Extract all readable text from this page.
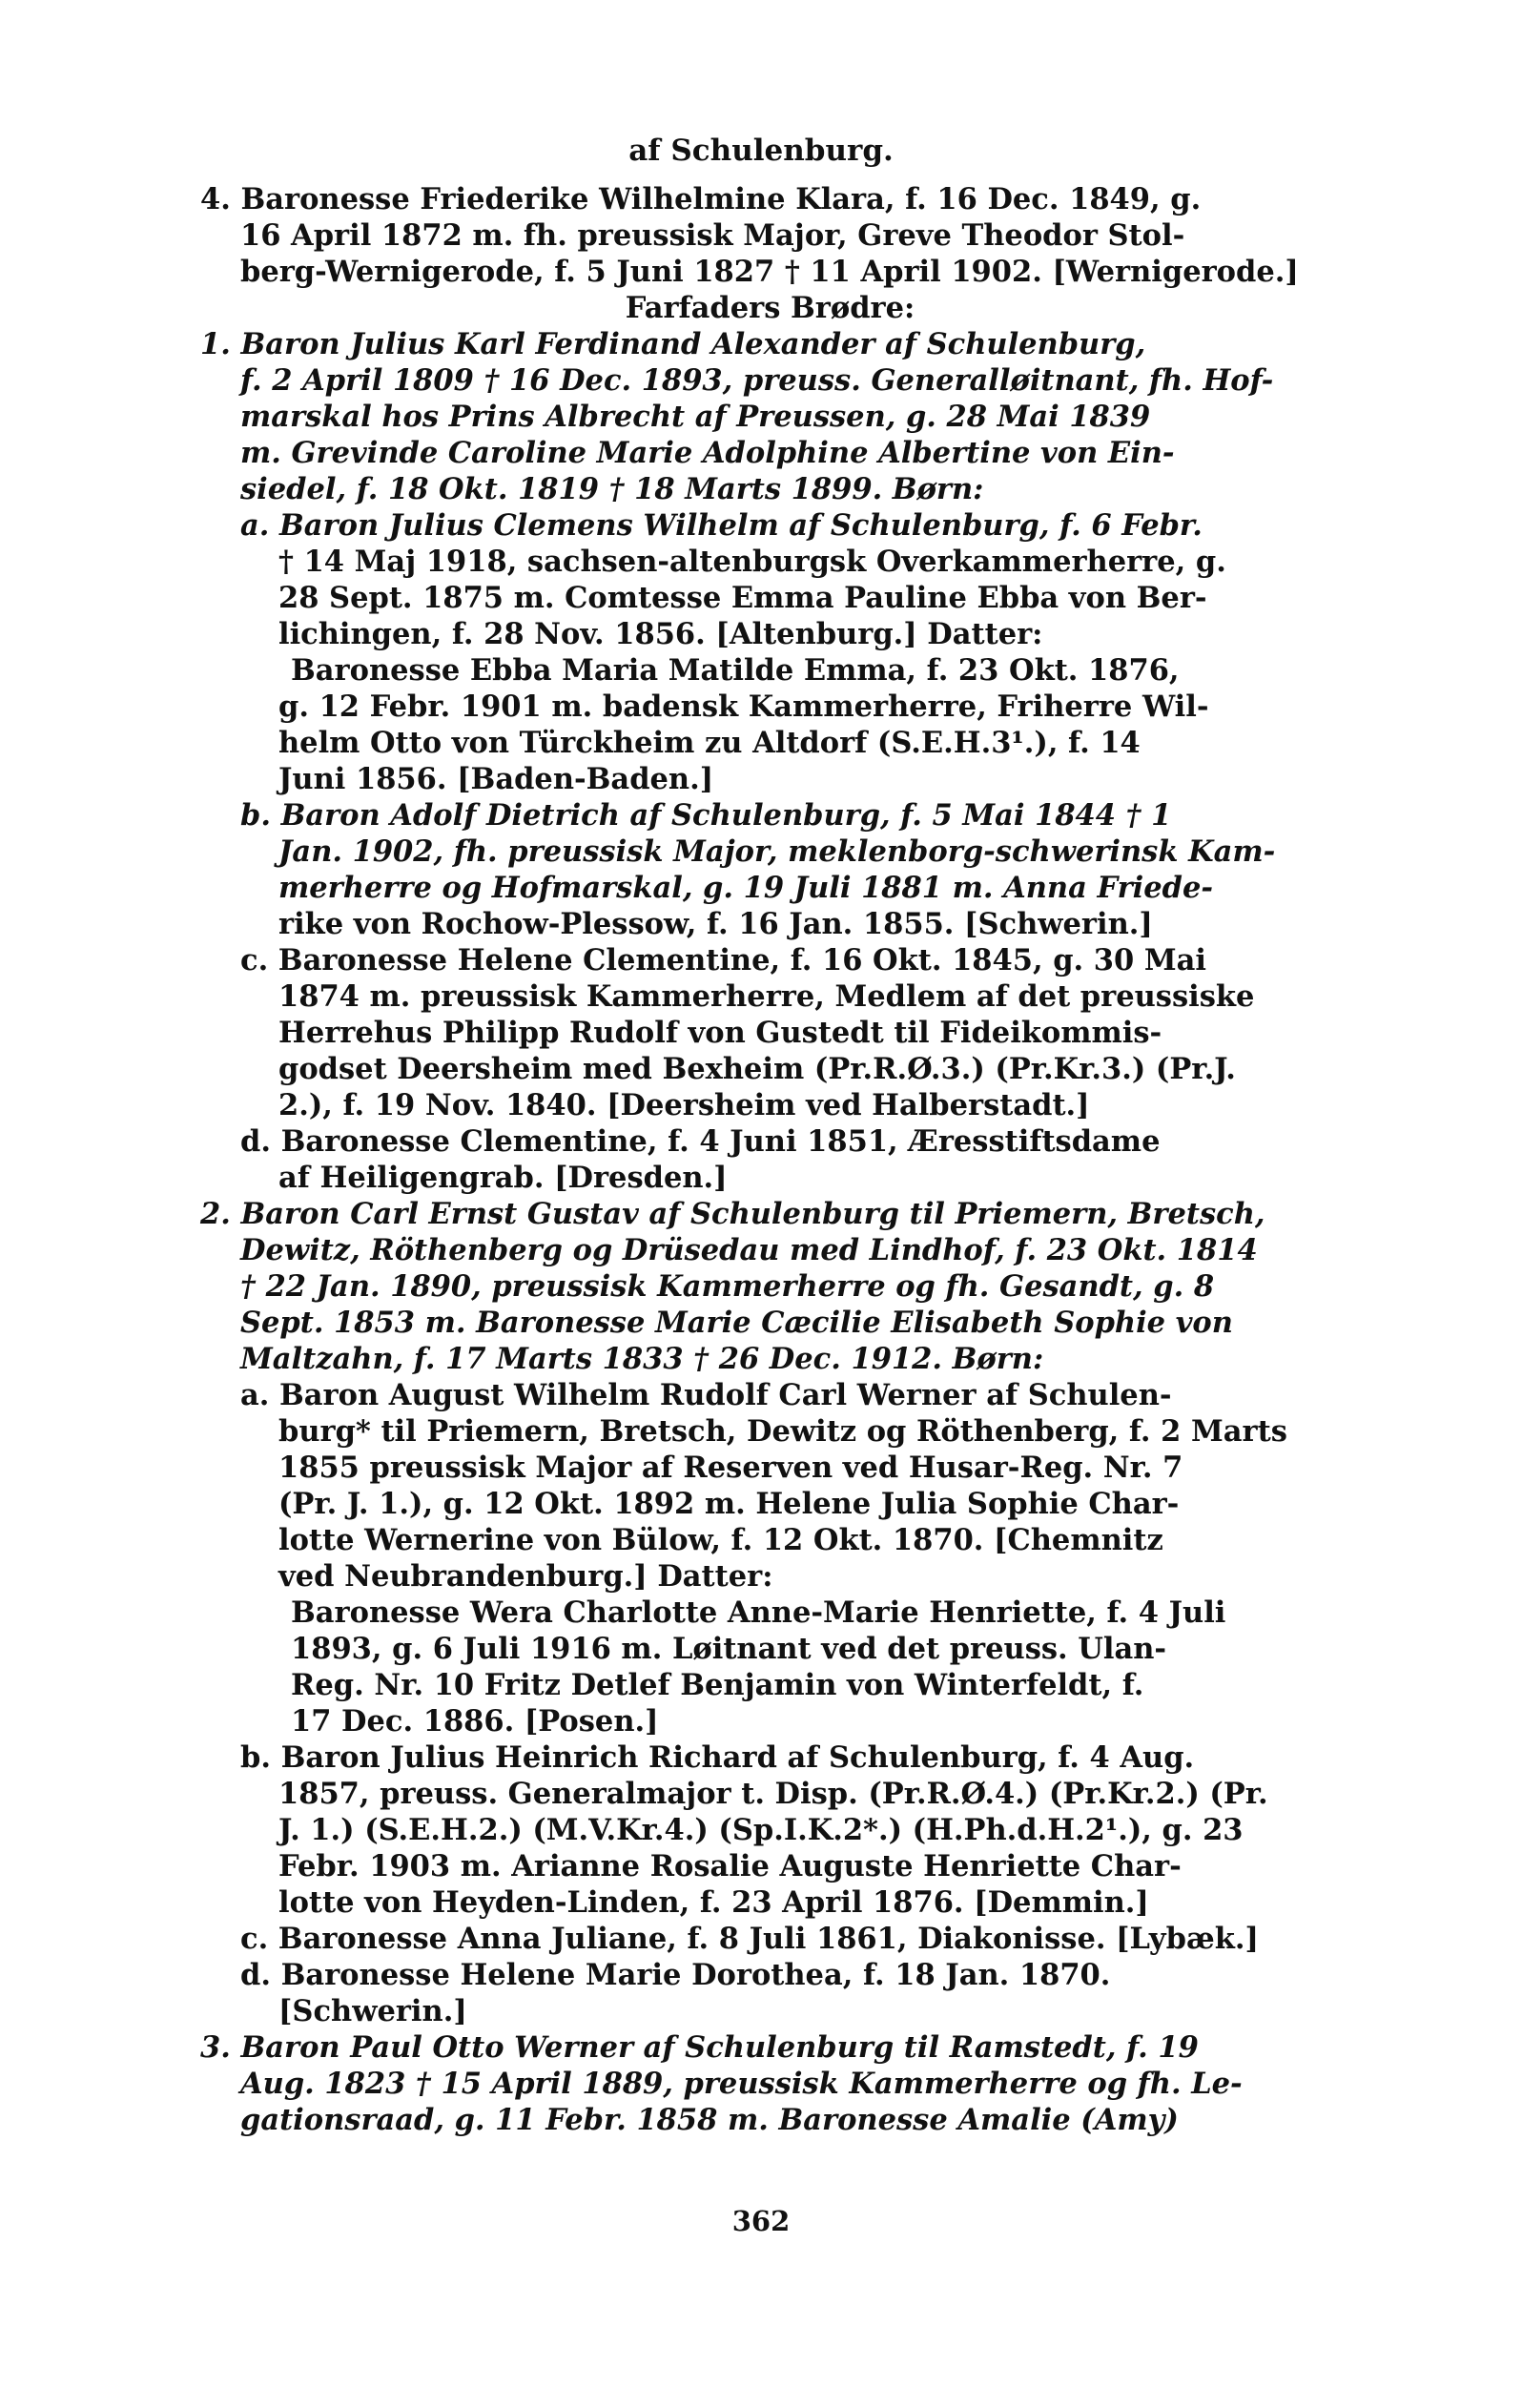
af Schulenburg.
4. Baronesse Friederike Wilhelmine Klara, f. 16 Dec. 1849, g.
16 April 1872 m. fh. preussisk Major, Greve Theodor Stol-
berg-Wernigerode, f. 5 Juni 1827 † 11 April 1902. [Wernigerode.]
Farfaders Brødre:
1. Baron Julius Karl Ferdinand Alexander af Schulenburg,
f. 2 April 1809 † 16 Dec. 1893, preuss. Generalløitnant, fh. Hof-
marskal hos Prins Albrecht af Preussen, g. 28 Mai 1839
m. Grevinde Caroline Marie Adolphine Albertine von Ein-
siedel, f. 18 Okt. 1819 † 18 Marts 1899. Børn:
a. Baron Julius Clemens Wilhelm af Schulenburg, f. 6 Febr.
† 14 Maj 1918, sachsen-altenburgsk Overkammerherre, g.
28 Sept. 1875 m. Comtesse Emma Pauline Ebba von Ber-
lichingen, f. 28 Nov. 1856. [Altenburg.] Datter:
Baronesse Ebba Maria Matilde Emma, f. 23 Okt. 1876,
g. 12 Febr. 1901 m. badensk Kammerherre, Friherre Wil-
helm Otto von Türckheim zu Altdorf (S.E.H.3¹.), f. 14
Juni 1856. [Baden-Baden.]
b. Baron Adolf Dietrich af Schulenburg, f. 5 Mai 1844 † 1
Jan. 1902, fh. preussisk Major, meklenborg-schwerinsk Kam-
merherre og Hofmarskal, g. 19 Juli 1881 m. Anna Friede-
rike von Rochow-Plessow, f. 16 Jan. 1855. [Schwerin.]
c. Baronesse Helene Clementine, f. 16 Okt. 1845, g. 30 Mai
1874 m. preussisk Kammerherre, Medlem af det preussiske
Herrehus Philipp Rudolf von Gustedt til Fideikommis-
godset Deersheim med Bexheim (Pr.R.Ø.3.) (Pr.Kr.3.) (Pr.J.
2.), f. 19 Nov. 1840. [Deersheim ved Halberstadt.]
d. Baronesse Clementine, f. 4 Juni 1851, Æresstiftsdame
af Heiligengrab. [Dresden.]
2. Baron Carl Ernst Gustav af Schulenburg til Priemern, Bretsch,
Dewitz, Röthenberg og Drüsedau med Lindhof, f. 23 Okt. 1814
† 22 Jan. 1890, preussisk Kammerherre og fh. Gesandt, g. 8
Sept. 1853 m. Baronesse Marie Cæcilie Elisabeth Sophie von
Maltzahn, f. 17 Marts 1833 † 26 Dec. 1912. Børn:
a. Baron August Wilhelm Rudolf Carl Werner af Schulen-
burg* til Priemern, Bretsch, Dewitz og Röthenberg, f. 2 Marts
1855 preussisk Major af Reserven ved Husar-Reg. Nr. 7
(Pr. J. 1.), g. 12 Okt. 1892 m. Helene Julia Sophie Char-
lotte Wernerine von Bülow, f. 12 Okt. 1870. [Chemnitz
ved Neubrandenburg.] Datter:
Baronesse Wera Charlotte Anne-Marie Henriette, f. 4 Juli
1893, g. 6 Juli 1916 m. Løitnant ved det preuss. Ulan-
Reg. Nr. 10 Fritz Detlef Benjamin von Winterfeldt, f.
17 Dec. 1886. [Posen.]
b. Baron Julius Heinrich Richard af Schulenburg, f. 4 Aug.
1857, preuss. Generalmajor t. Disp. (Pr.R.Ø.4.) (Pr.Kr.2.) (Pr.
J. 1.) (S.E.H.2.) (M.V.Kr.4.) (Sp.I.K.2*.) (H.Ph.d.H.2¹.), g. 23
Febr. 1903 m. Arianne Rosalie Auguste Henriette Char-
lotte von Heyden-Linden, f. 23 April 1876. [Demmin.]
c. Baronesse Anna Juliane, f. 8 Juli 1861, Diakonisse. [Lybæk.]
d. Baronesse Helene Marie Dorothea, f. 18 Jan. 1870.
[Schwerin.]
3. Baron Paul Otto Werner af Schulenburg til Ramstedt, f. 19
Aug. 1823 † 15 April 1889, preussisk Kammerherre og fh. Le-
gationsraad, g. 11 Febr. 1858 m. Baronesse Amalie (Amy)
362
